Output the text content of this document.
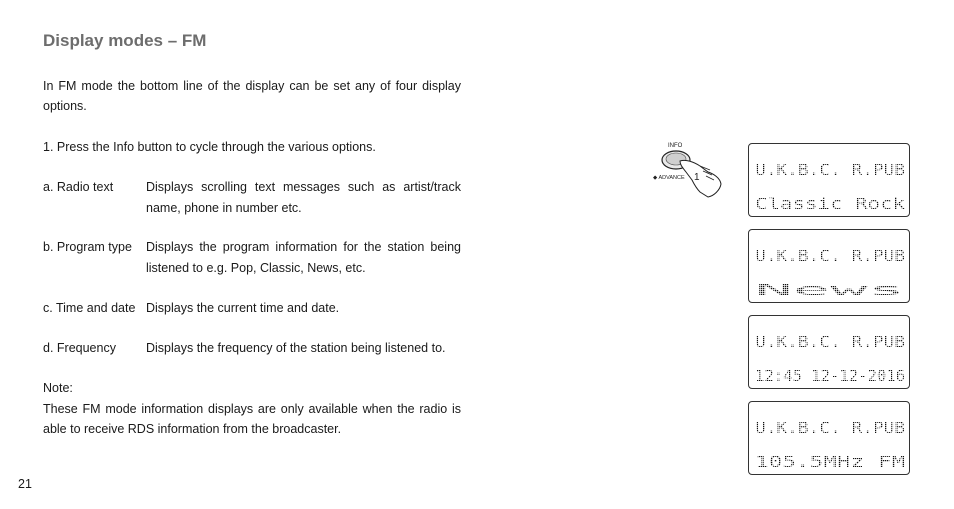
Display modes – FM
In FM mode the bottom line of the display can be set any of four display options.
1. Press the Info button to cycle through the various options.
a. Radio text	Displays scrolling text messages such as artist/track name, phone in number etc.
b. Program type Displays the program information for the station being listened to e.g. Pop, Classic, News, etc.
c. Time and date Displays the current time and date.
d. Frequency Displays the frequency of the station being listened to.
Note:
These FM mode information displays are only available when the radio is able to receive RDS information from the broadcaster.
21
INFO
◆ ADVANCE 1	U.K.B.C. R.PUB
Classic Rock
U.K.B.C. R.PUB
News
U.K.B.C. R.PUB
12:45 12-12-2016
U.K.B.C. R.PUB
105.5MHz FM
